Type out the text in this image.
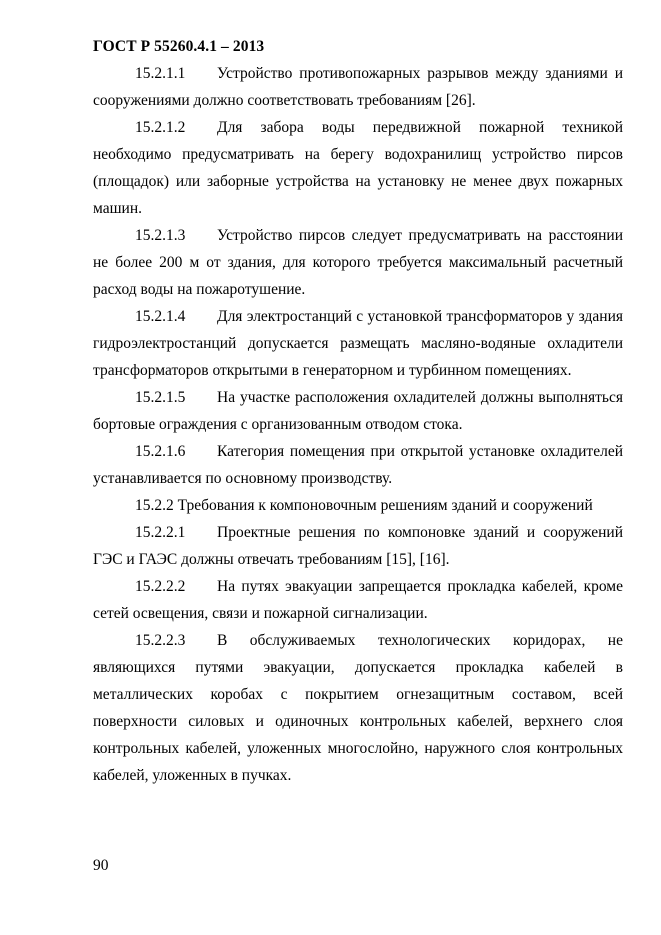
ГОСТ Р 55260.4.1 – 2013

15.2.1.1 Устройство противопожарных разрывов между зданиями и сооружениями должно соответствовать требованиям [26].

15.2.1.2 Для забора воды передвижной пожарной техникой необходимо предусматривать на берегу водохранилищ устройство пирсов (площадок) или заборные устройства на установку не менее двух пожарных машин.

15.2.1.3 Устройство пирсов следует предусматривать на расстоянии не более 200 м от здания, для которого требуется максимальный расчетный расход воды на пожаротушение.

15.2.1.4 Для электростанций с установкой трансформаторов у здания гидроэлектростанций допускается размещать масляно-водяные охладители трансформаторов открытыми в генераторном и турбинном помещениях.

15.2.1.5 На участке расположения охладителей должны выполняться бортовые ограждения с организованным отводом стока.

15.2.1.6 Категория помещения при открытой установке охладителей устанавливается по основному производству.

15.2.2 Требования к компоновочным решениям зданий и сооружений

15.2.2.1 Проектные решения по компоновке зданий и сооружений ГЭС и ГАЭС должны отвечать требованиям [15], [16].

15.2.2.2 На путях эвакуации запрещается прокладка кабелей, кроме сетей освещения, связи и пожарной сигнализации.

15.2.2.3 В обслуживаемых технологических коридорах, не являющихся путями эвакуации, допускается прокладка кабелей в металлических коробах с покрытием огнезащитным составом, всей поверхности силовых и одиночных контрольных кабелей, верхнего слоя контрольных кабелей, уложенных многослойно, наружного слоя контрольных кабелей, уложенных в пучках.

90
